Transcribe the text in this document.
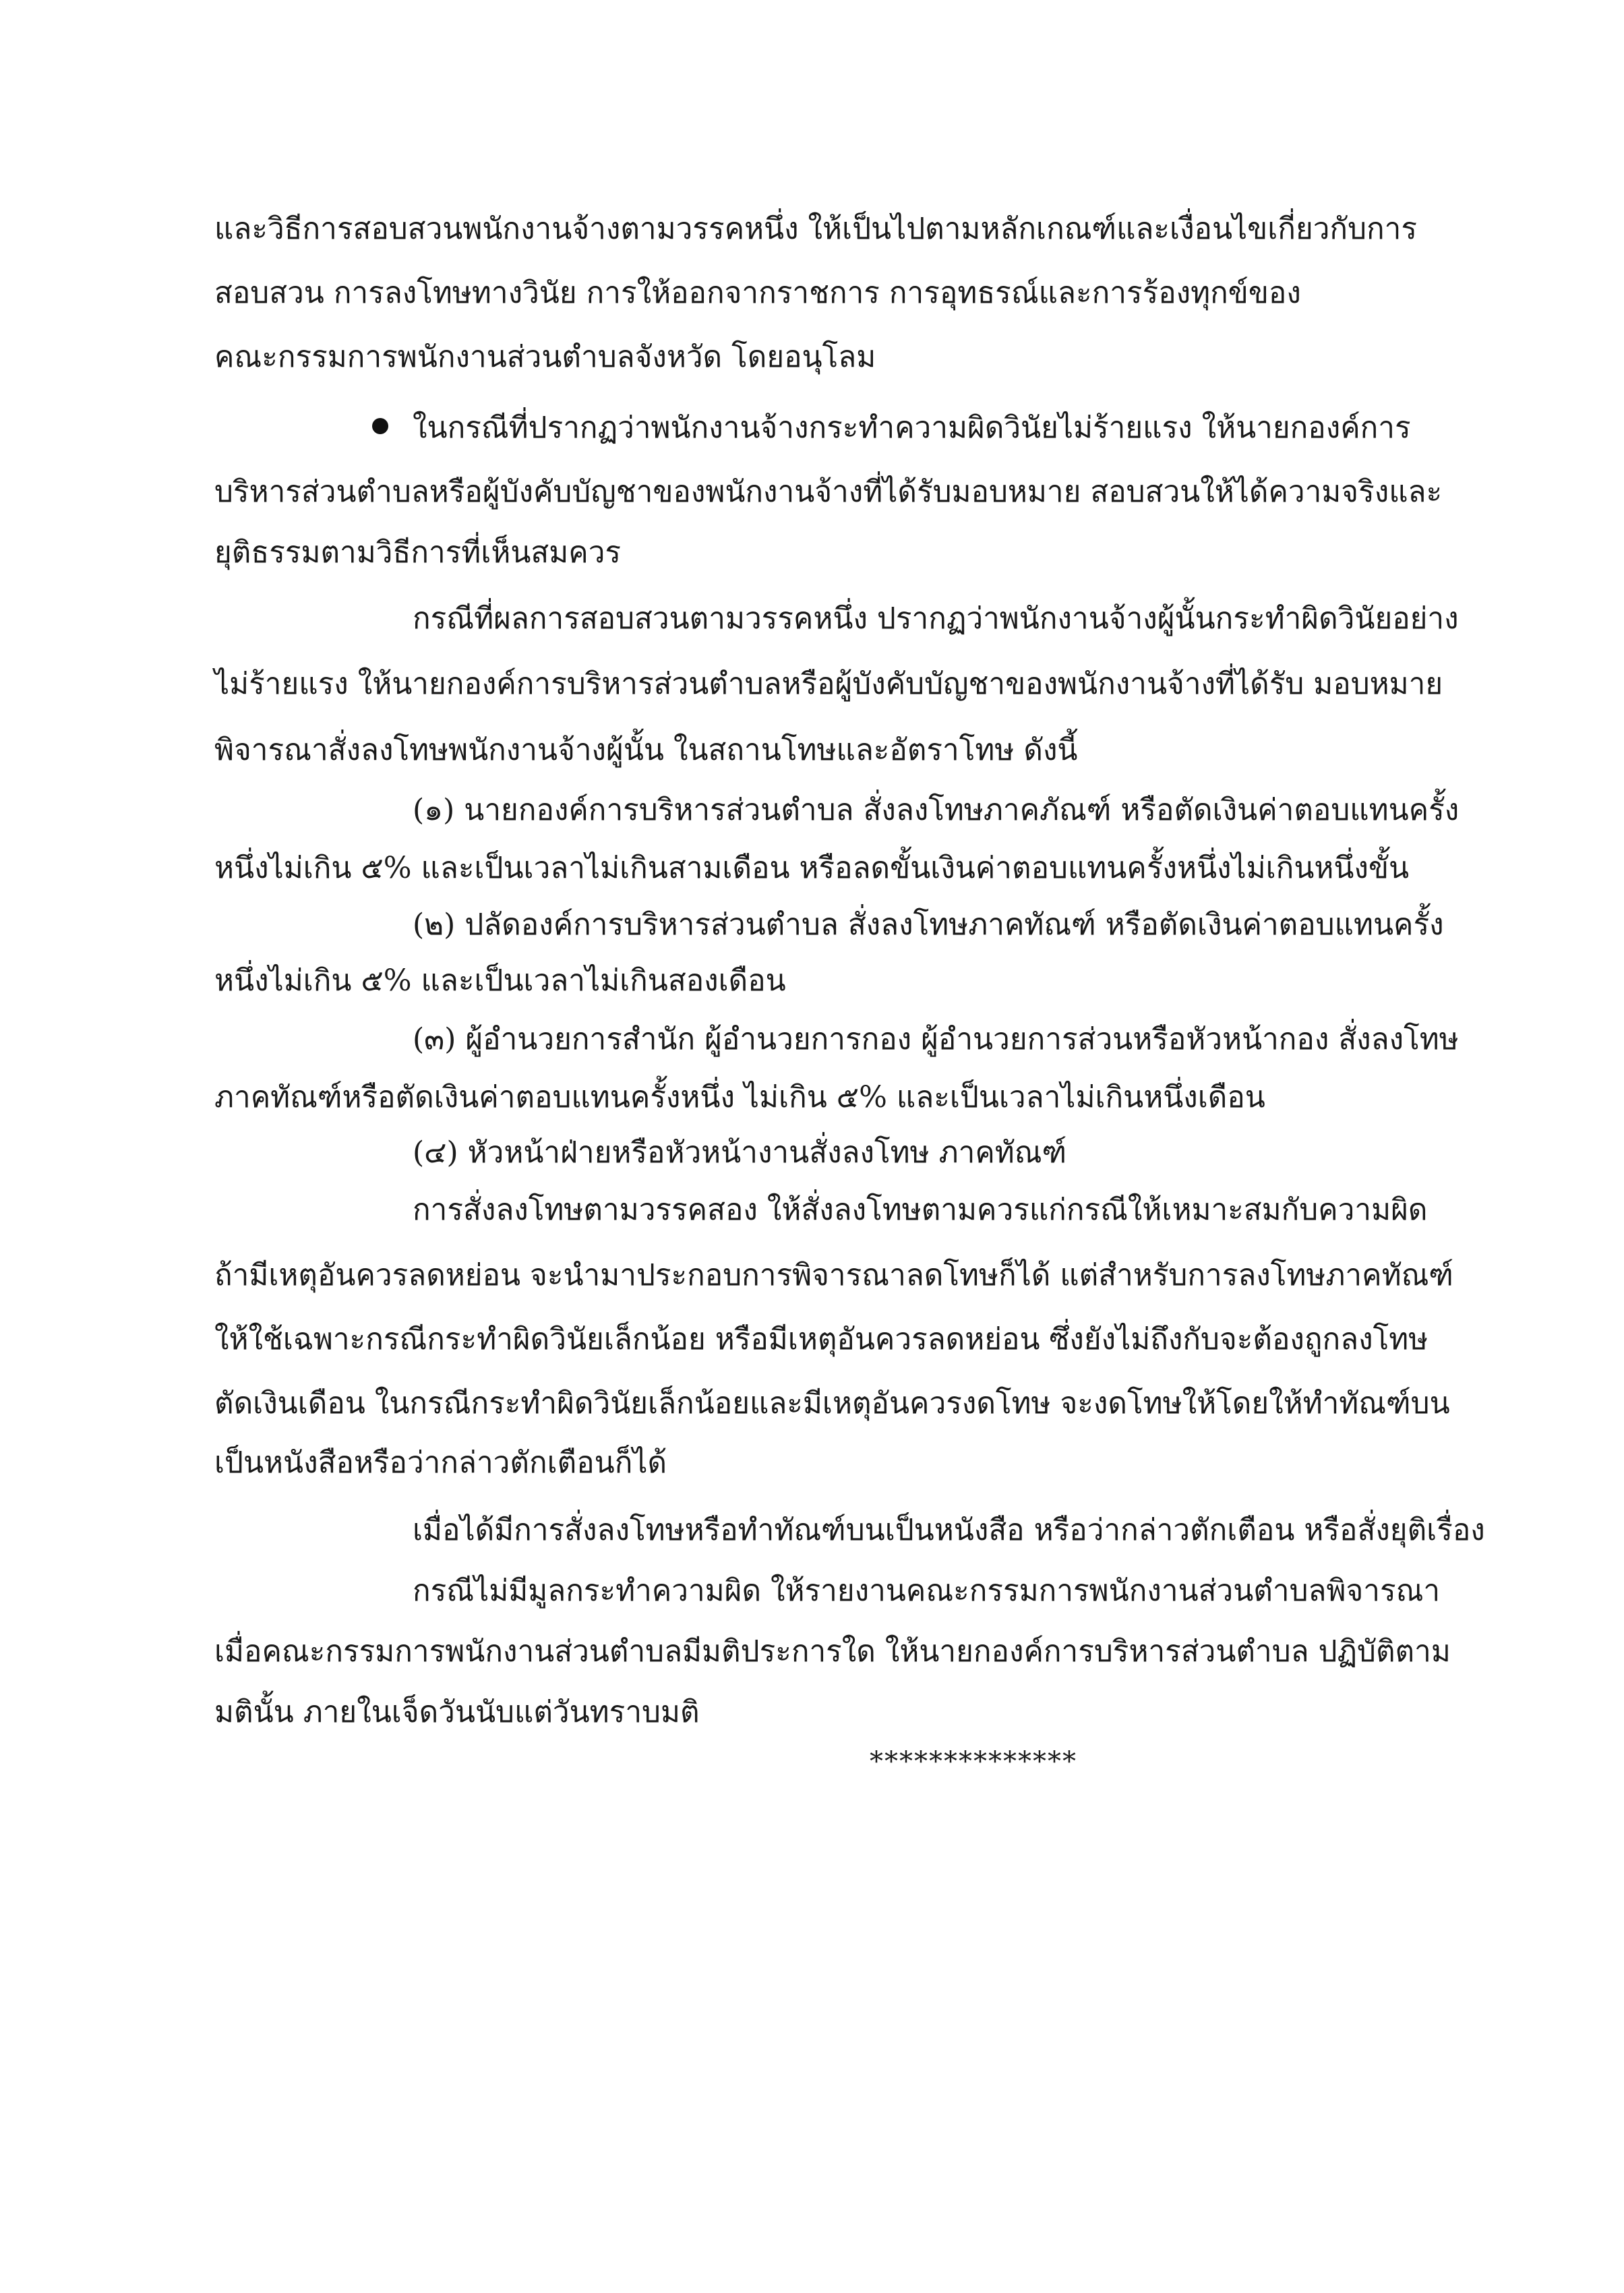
และวิธีการสอบสวนพนักงานจ้างตามวรรคหนึ่ง ให้เป็นไปตามหลักเกณฑ์และเงื่อนไขเกี่ยวกับการ
สอบสวน การลงโทษทางวินัย การให้ออกจากราชการ การอุทธรณ์และการร้องทุกข์ของ
คณะกรรมการพนักงานส่วนตำบลจังหวัด โดยอนุโลม
ในกรณีที่ปรากฏว่าพนักงานจ้างกระทำความผิดวินัยไม่ร้ายแรง ให้นายกองค์การ
บริหารส่วนตำบลหรือผู้บังคับบัญชาของพนักงานจ้างที่ได้รับมอบหมาย สอบสวนให้ได้ความจริงและ
ยุติธรรมตามวิธีการที่เห็นสมควร
กรณีที่ผลการสอบสวนตามวรรคหนึ่ง ปรากฏว่าพนักงานจ้างผู้นั้นกระทำผิดวินัยอย่าง
ไม่ร้ายแรง ให้นายกองค์การบริหารส่วนตำบลหรือผู้บังคับบัญชาของพนักงานจ้างที่ได้รับ มอบหมาย
พิจารณาสั่งลงโทษพนักงานจ้างผู้นั้น ในสถานโทษและอัตราโทษ ดังนี้
(๑) นายกองค์การบริหารส่วนตำบล สั่งลงโทษภาคภัณฑ์ หรือตัดเงินค่าตอบแทนครั้ง
หนึ่งไม่เกิน ๕% และเป็นเวลาไม่เกินสามเดือน หรือลดขั้นเงินค่าตอบแทนครั้งหนึ่งไม่เกินหนึ่งขั้น
(๒) ปลัดองค์การบริหารส่วนตำบล สั่งลงโทษภาคทัณฑ์ หรือตัดเงินค่าตอบแทนครั้ง
หนึ่งไม่เกิน ๕% และเป็นเวลาไม่เกินสองเดือน
(๓) ผู้อำนวยการสำนัก ผู้อำนวยการกอง ผู้อำนวยการส่วนหรือหัวหน้ากอง สั่งลงโทษ
ภาคทัณฑ์หรือตัดเงินค่าตอบแทนครั้งหนึ่ง ไม่เกิน ๕% และเป็นเวลาไม่เกินหนึ่งเดือน
(๔) หัวหน้าฝ่ายหรือหัวหน้างานสั่งลงโทษ ภาคทัณฑ์
การสั่งลงโทษตามวรรคสอง ให้สั่งลงโทษตามควรแก่กรณีให้เหมาะสมกับความผิด
ถ้ามีเหตุอันควรลดหย่อน จะนำมาประกอบการพิจารณาลดโทษก็ได้ แต่สำหรับการลงโทษภาคทัณฑ์
ให้ใช้เฉพาะกรณีกระทำผิดวินัยเล็กน้อย หรือมีเหตุอันควรลดหย่อน ซึ่งยังไม่ถึงกับจะต้องถูกลงโทษ
ตัดเงินเดือน ในกรณีกระทำผิดวินัยเล็กน้อยและมีเหตุอันควรงดโทษ จะงดโทษให้โดยให้ทำทัณฑ์บน
เป็นหนังสือหรือว่ากล่าวตักเตือนก็ได้
เมื่อได้มีการสั่งลงโทษหรือทำทัณฑ์บนเป็นหนังสือ หรือว่ากล่าวตักเตือน หรือสั่งยุติเรื่อง
กรณีไม่มีมูลกระทำความผิด ให้รายงานคณะกรรมการพนักงานส่วนตำบลพิจารณา
เมื่อคณะกรรมการพนักงานส่วนตำบลมีมติประการใด ให้นายกองค์การบริหารส่วนตำบล ปฏิบัติตาม
มตินั้น ภายในเจ็ดวันนับแต่วันทราบมติ
**************
